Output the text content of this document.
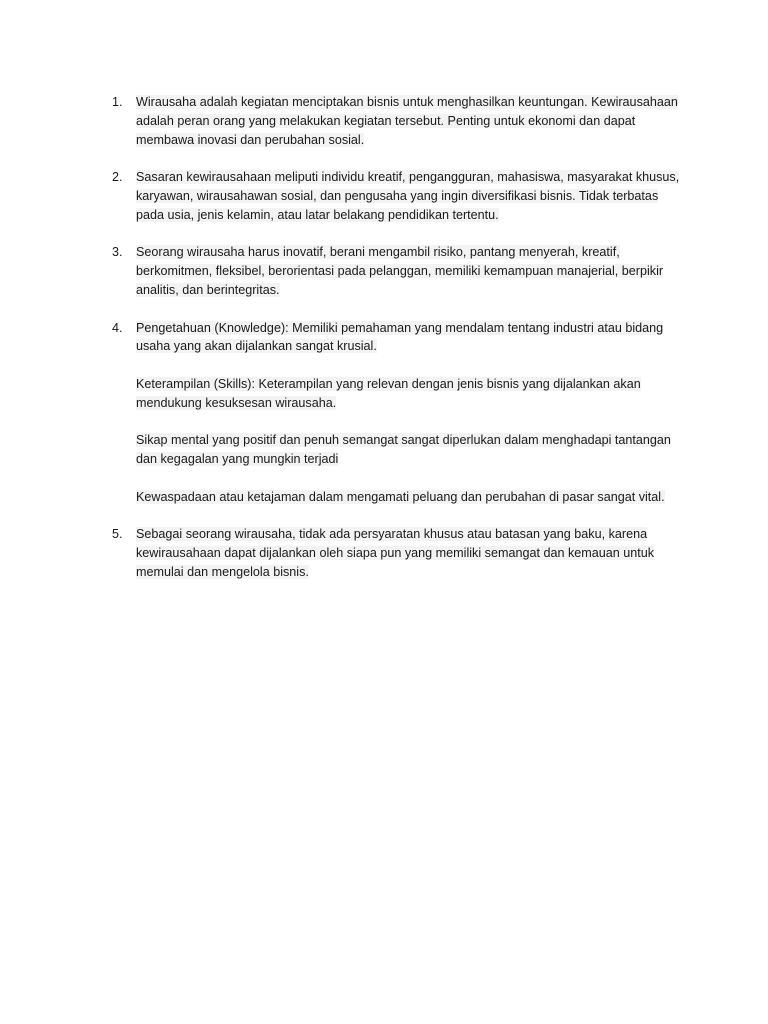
1.	Wirausaha adalah kegiatan menciptakan bisnis untuk menghasilkan keuntungan. Kewirausahaan adalah peran orang yang melakukan kegiatan tersebut. Penting untuk ekonomi dan dapat membawa inovasi dan perubahan sosial.

2.	Sasaran kewirausahaan meliputi individu kreatif, pengangguran, mahasiswa, masyarakat khusus, karyawan, wirausahawan sosial, dan pengusaha yang ingin diversifikasi bisnis. Tidak terbatas pada usia, jenis kelamin, atau latar belakang pendidikan tertentu.

3.	Seorang wirausaha harus inovatif, berani mengambil risiko, pantang menyerah, kreatif, berkomitmen, fleksibel, berorientasi pada pelanggan, memiliki kemampuan manajerial, berpikir analitis, dan berintegritas.

4.	Pengetahuan (Knowledge): Memiliki pemahaman yang mendalam tentang industri atau bidang usaha yang akan dijalankan sangat krusial.

Keterampilan (Skills): Keterampilan yang relevan dengan jenis bisnis yang dijalankan akan mendukung kesuksesan wirausaha.

Sikap mental yang positif dan penuh semangat sangat diperlukan dalam menghadapi tantangan dan kegagalan yang mungkin terjadi

Kewaspadaan atau ketajaman dalam mengamati peluang dan perubahan di pasar sangat vital.

5.	Sebagai seorang wirausaha, tidak ada persyaratan khusus atau batasan yang baku, karena kewirausahaan dapat dijalankan oleh siapa pun yang memiliki semangat dan kemauan untuk memulai dan mengelola bisnis.
